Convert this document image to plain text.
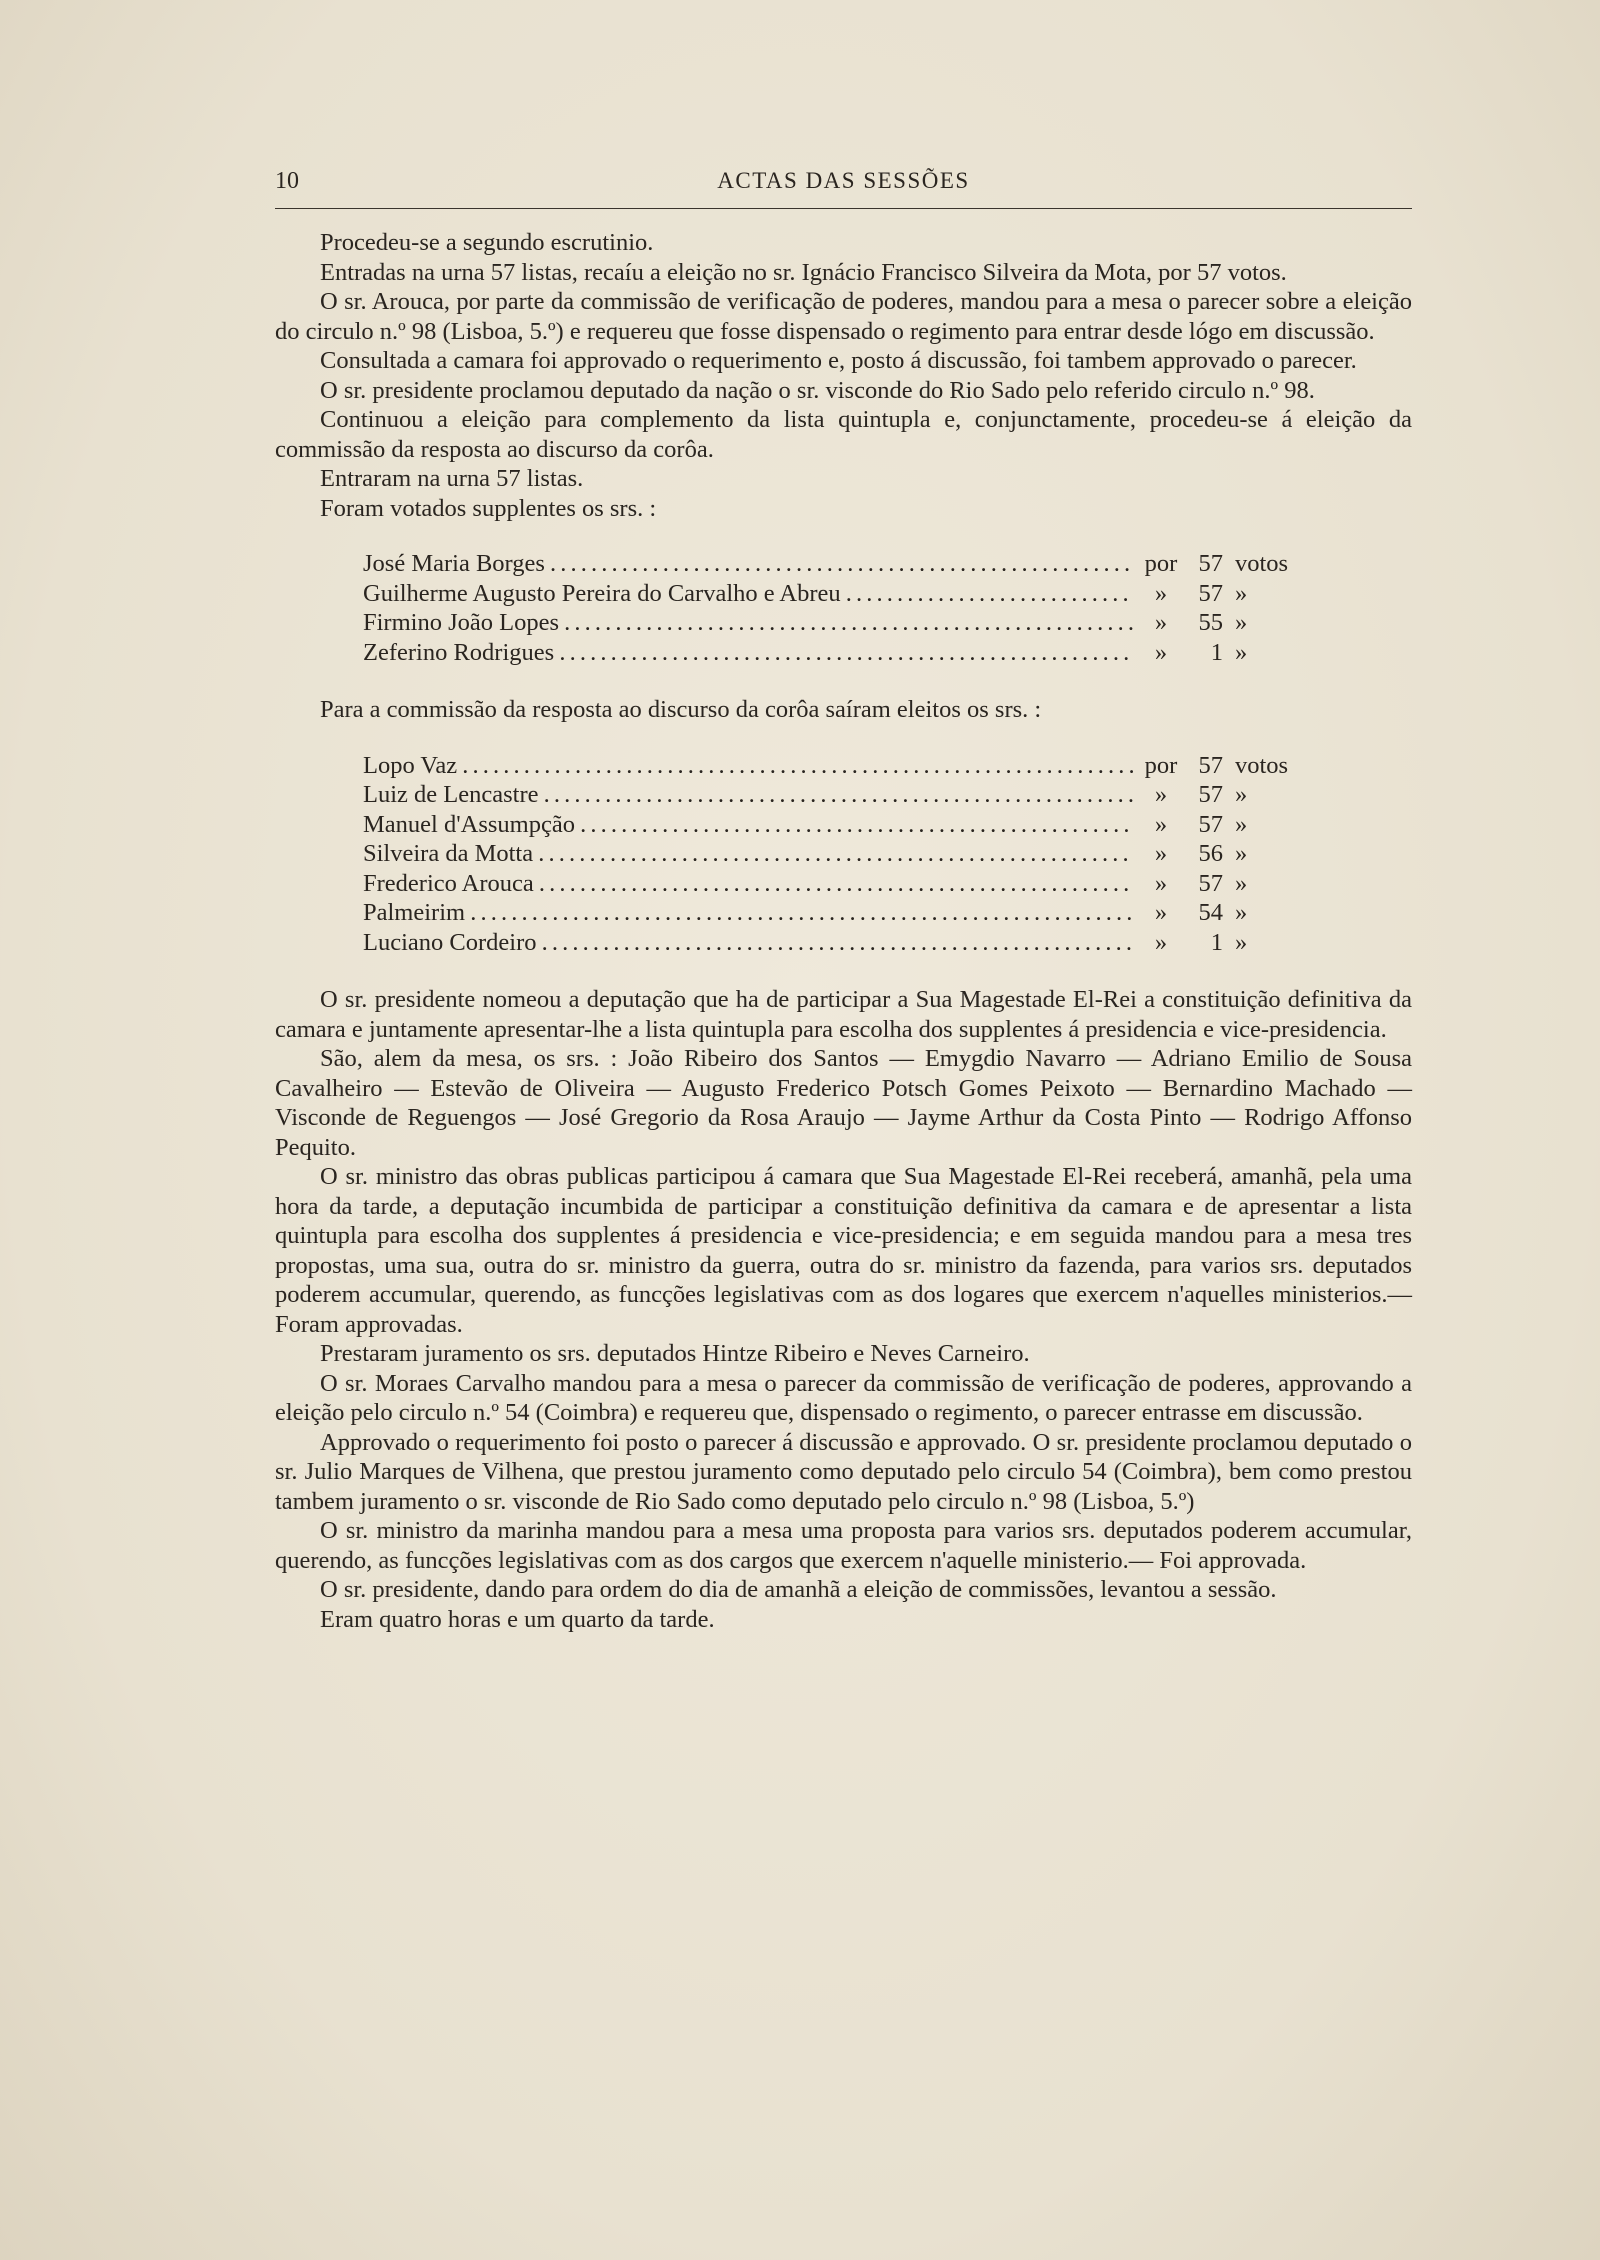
10	ACTAS DAS SESSÕES

Procedeu-se a segundo escrutinio.

Entradas na urna 57 listas, recaíu a eleição no sr. Ignácio Francisco Silveira da Mota, por 57 votos.

O sr. Arouca, por parte da commissão de verificação de poderes, mandou para a mesa o parecer sobre a eleição do circulo n.º 98 (Lisboa, 5.º) e requereu que fosse dispensado o regimento para entrar desde lógo em discussão.

Consultada a camara foi approvado o requerimento e, posto á discussão, foi tambem approvado o parecer.

O sr. presidente proclamou deputado da nação o sr. visconde do Rio Sado pelo referido circulo n.º 98.

Continuou a eleição para complemento da lista quintupla e, conjunctamente, procedeu-se á eleição da commissão da resposta ao discurso da corôa.

Entraram na urna 57 listas.

Foram votados supplentes os srs. :

José Maria Borges . . .	por 57 votos
Guilherme Augusto Pereira do Carvalho e Abreu . . .	»	57 »
Firmino João Lopes . . .	»	55 »
Zeferino Rodrigues . . .	»	1 »

Para a commissão da resposta ao discurso da corôa saíram eleitos os srs. :

Lopo Vaz . . .	por 57 votos
Luiz de Lencastre . . .	»	57 »
Manuel d'Assumpção . . .	»	57 »
Silveira da Motta . . .	»	56 »
Frederico Arouca . . .	»	57 »
Palmeirim . . .	»	54 »
Luciano Cordeiro . . .	»	1 »

O sr. presidente nomeou a deputação que ha de participar a Sua Magestade El-Rei a constituição definitiva da camara e juntamente apresentar-lhe a lista quintupla para escolha dos supplentes á presidencia e vice-presidencia.

São, alem da mesa, os srs. : João Ribeiro dos Santos — Emygdio Navarro — Adriano Emilio de Sousa Cavalheiro — Estevão de Oliveira — Augusto Frederico Potsch Gomes Peixoto — Bernardino Machado — Visconde de Reguengos — José Gregorio da Rosa Araujo — Jayme Arthur da Costa Pinto — Rodrigo Affonso Pequito.

O sr. ministro das obras publicas participou á camara que Sua Magestade El-Rei receberá, amanhã, pela uma hora da tarde, a deputação incumbida de participar a constituição definitiva da camara e de apresentar a lista quintupla para escolha dos supplentes á presidencia e vice-presidencia; e em seguida mandou para a mesa tres propostas, uma sua, outra do sr. ministro da guerra, outra do sr. ministro da fazenda, para varios srs. deputados poderem accumular, querendo, as funcções legislativas com as dos logares que exercem n'aquelles ministerios.— Foram approvadas.

Prestaram juramento os srs. deputados Hintze Ribeiro e Neves Carneiro.

O sr. Moraes Carvalho mandou para a mesa o parecer da commissão de verificação de poderes, approvando a eleição pelo circulo n.º 54 (Coimbra) e requereu que, dispensado o regimento, o parecer entrasse em discussão.

Approvado o requerimento foi posto o parecer á discussão e approvado. O sr. presidente proclamou deputado o sr. Julio Marques de Vilhena, que prestou juramento como deputado pelo circulo 54 (Coimbra), bem como prestou tambem juramento o sr. visconde de Rio Sado como deputado pelo circulo n.º 98 (Lisboa, 5.º)

O sr. ministro da marinha mandou para a mesa uma proposta para varios srs. deputados poderem accumular, querendo, as funcções legislativas com as dos cargos que exercem n'aquelle ministerio.— Foi approvada.

O sr. presidente, dando para ordem do dia de amanhã a eleição de commissões, levantou a sessão.

Eram quatro horas e um quarto da tarde.
